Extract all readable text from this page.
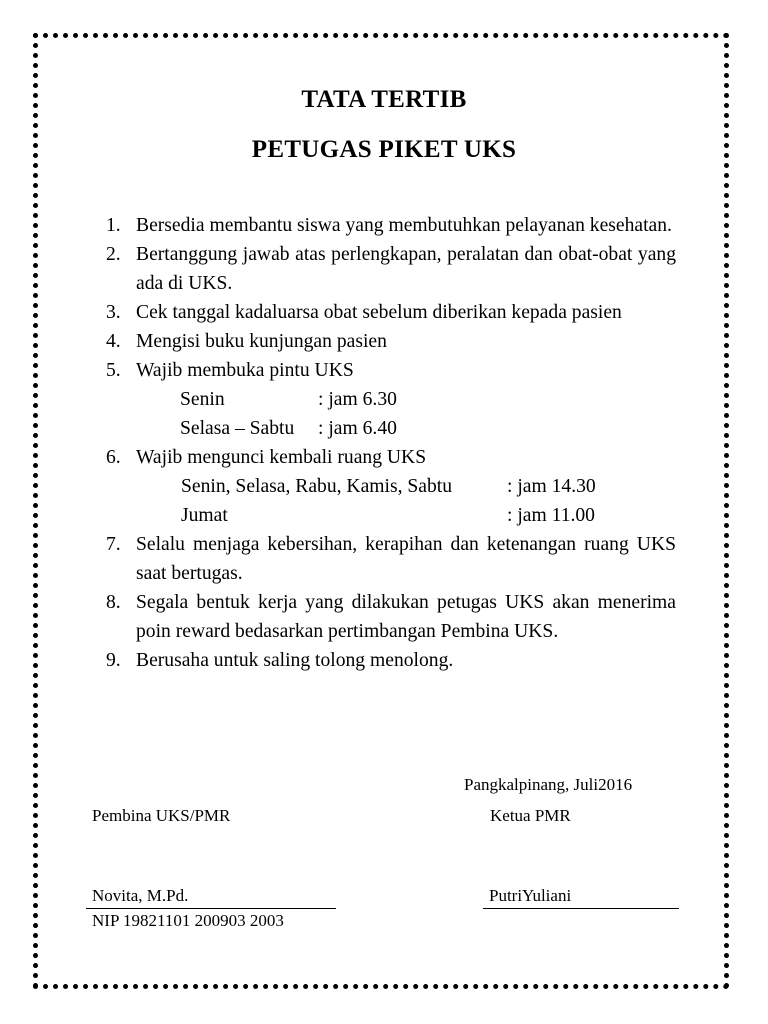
TATA TERTIB
PETUGAS PIKET UKS
1. Bersedia membantu siswa yang membutuhkan pelayanan kesehatan.
2. Bertanggung jawab atas perlengkapan, peralatan dan obat-obat yang ada di UKS.
3. Cek tanggal kadaluarsa obat sebelum diberikan kepada pasien
4. Mengisi buku kunjungan pasien
5. Wajib membuka pintu UKS
Senin	: jam 6.30
Selasa – Sabtu	: jam 6.40
6. Wajib mengunci kembali ruang UKS
Senin, Selasa, Rabu, Kamis, Sabtu	: jam 14.30
Jumat	: jam 11.00
7. Selalu menjaga kebersihan, kerapihan dan ketenangan ruang UKS saat bertugas.
8. Segala bentuk kerja yang dilakukan petugas UKS akan menerima poin reward bedasarkan pertimbangan Pembina UKS.
9. Berusaha untuk saling tolong menolong.
Pangkalpinang, Juli2016
Pembina UKS/PMR	Ketua PMR
Novita, M.Pd.	PutriYuliani
NIP 19821101 200903 2003
